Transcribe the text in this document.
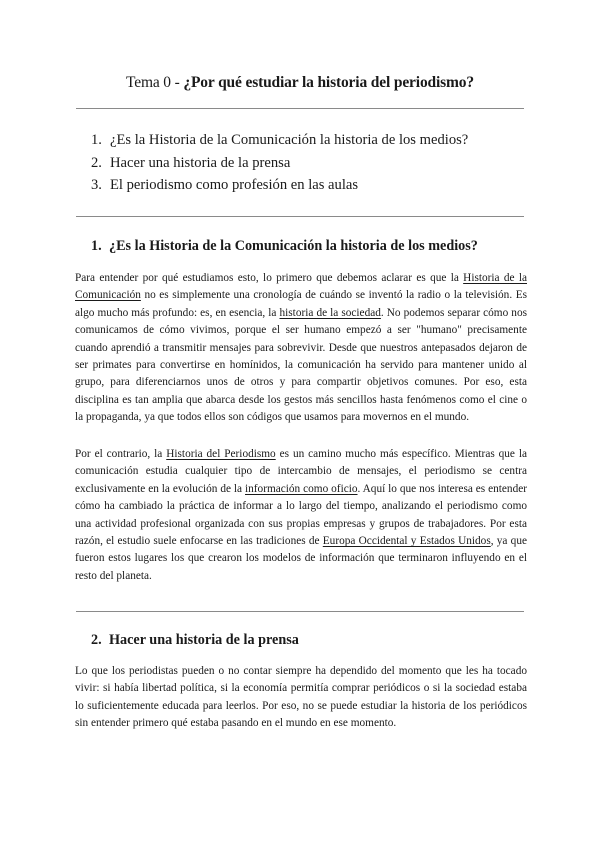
Tema 0 - ¿Por qué estudiar la historia del periodismo?
1. ¿Es la Historia de la Comunicación la historia de los medios?
2. Hacer una historia de la prensa
3. El periodismo como profesión en las aulas
1. ¿Es la Historia de la Comunicación la historia de los medios?

Para entender por qué estudiamos esto, lo primero que debemos aclarar es que la Historia de la Comunicación no es simplemente una cronología de cuándo se inventó la radio o la televisión. Es algo mucho más profundo: es, en esencia, la historia de la sociedad. No podemos separar cómo nos comunicamos de cómo vivimos, porque el ser humano empezó a ser "humano" precisamente cuando aprendió a transmitir mensajes para sobrevivir. Desde que nuestros antepasados dejaron de ser primates para convertirse en homínidos, la comunicación ha servido para mantener unido al grupo, para diferenciarnos unos de otros y para compartir objetivos comunes. Por eso, esta disciplina es tan amplia que abarca desde los gestos más sencillos hasta fenómenos como el cine o la propaganda, ya que todos ellos son códigos que usamos para movernos en el mundo.

Por el contrario, la Historia del Periodismo es un camino mucho más específico. Mientras que la comunicación estudia cualquier tipo de intercambio de mensajes, el periodismo se centra exclusivamente en la evolución de la información como oficio. Aquí lo que nos interesa es entender cómo ha cambiado la práctica de informar a lo largo del tiempo, analizando el periodismo como una actividad profesional organizada con sus propias empresas y grupos de trabajadores. Por esta razón, el estudio suele enfocarse en las tradiciones de Europa Occidental y Estados Unidos, ya que fueron estos lugares los que crearon los modelos de información que terminaron influyendo en el resto del planeta.

2. Hacer una historia de la prensa

Lo que los periodistas pueden o no contar siempre ha dependido del momento que les ha tocado vivir: si había libertad política, si la economía permitía comprar periódicos o si la sociedad estaba lo suficientemente educada para leerlos. Por eso, no se puede estudiar la historia de los periódicos sin entender primero qué estaba pasando en el mundo en ese momento.
